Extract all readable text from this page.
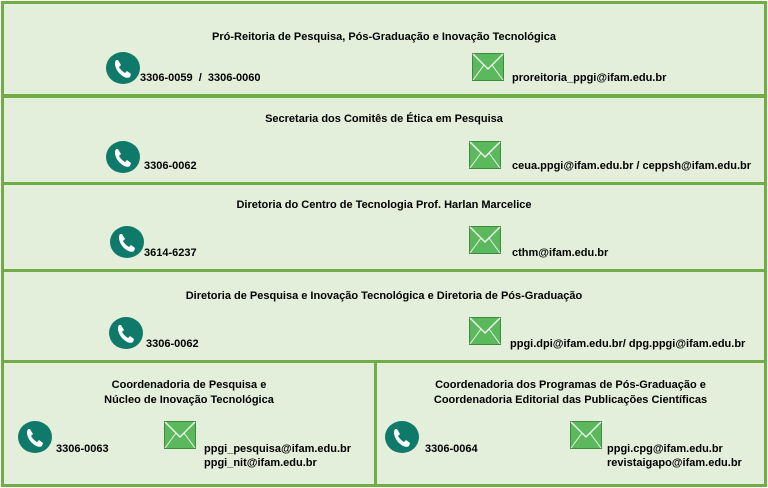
Pró-Reitoria de Pesquisa, Pós-Graduação e Inovação Tecnológica
3306-0059  /  3306-0060	proreitoria_ppgi@ifam.edu.br
Secretaria dos Comitês de Ética em Pesquisa
3306-0062	ceua.ppgi@ifam.edu.br / ceppsh@ifam.edu.br
Diretoria do Centro de Tecnologia Prof. Harlan Marcelice
3614-6237	cthm@ifam.edu.br
Diretoria de Pesquisa e Inovação Tecnológica e Diretoria de Pós-Graduação
3306-0062	ppgi.dpi@ifam.edu.br/ dpg.ppgi@ifam.edu.br
Coordenadoria de Pesquisa e
Núcleo de Inovação Tecnológica
3306-0063	ppgi_pesquisa@ifam.edu.br
ppgi_nit@ifam.edu.br
Coordenadoria dos Programas de Pós-Graduação e
Coordenadoria Editorial das Publicações Científicas
3306-0064	ppgi.cpg@ifam.edu.br
revistaigapo@ifam.edu.br
